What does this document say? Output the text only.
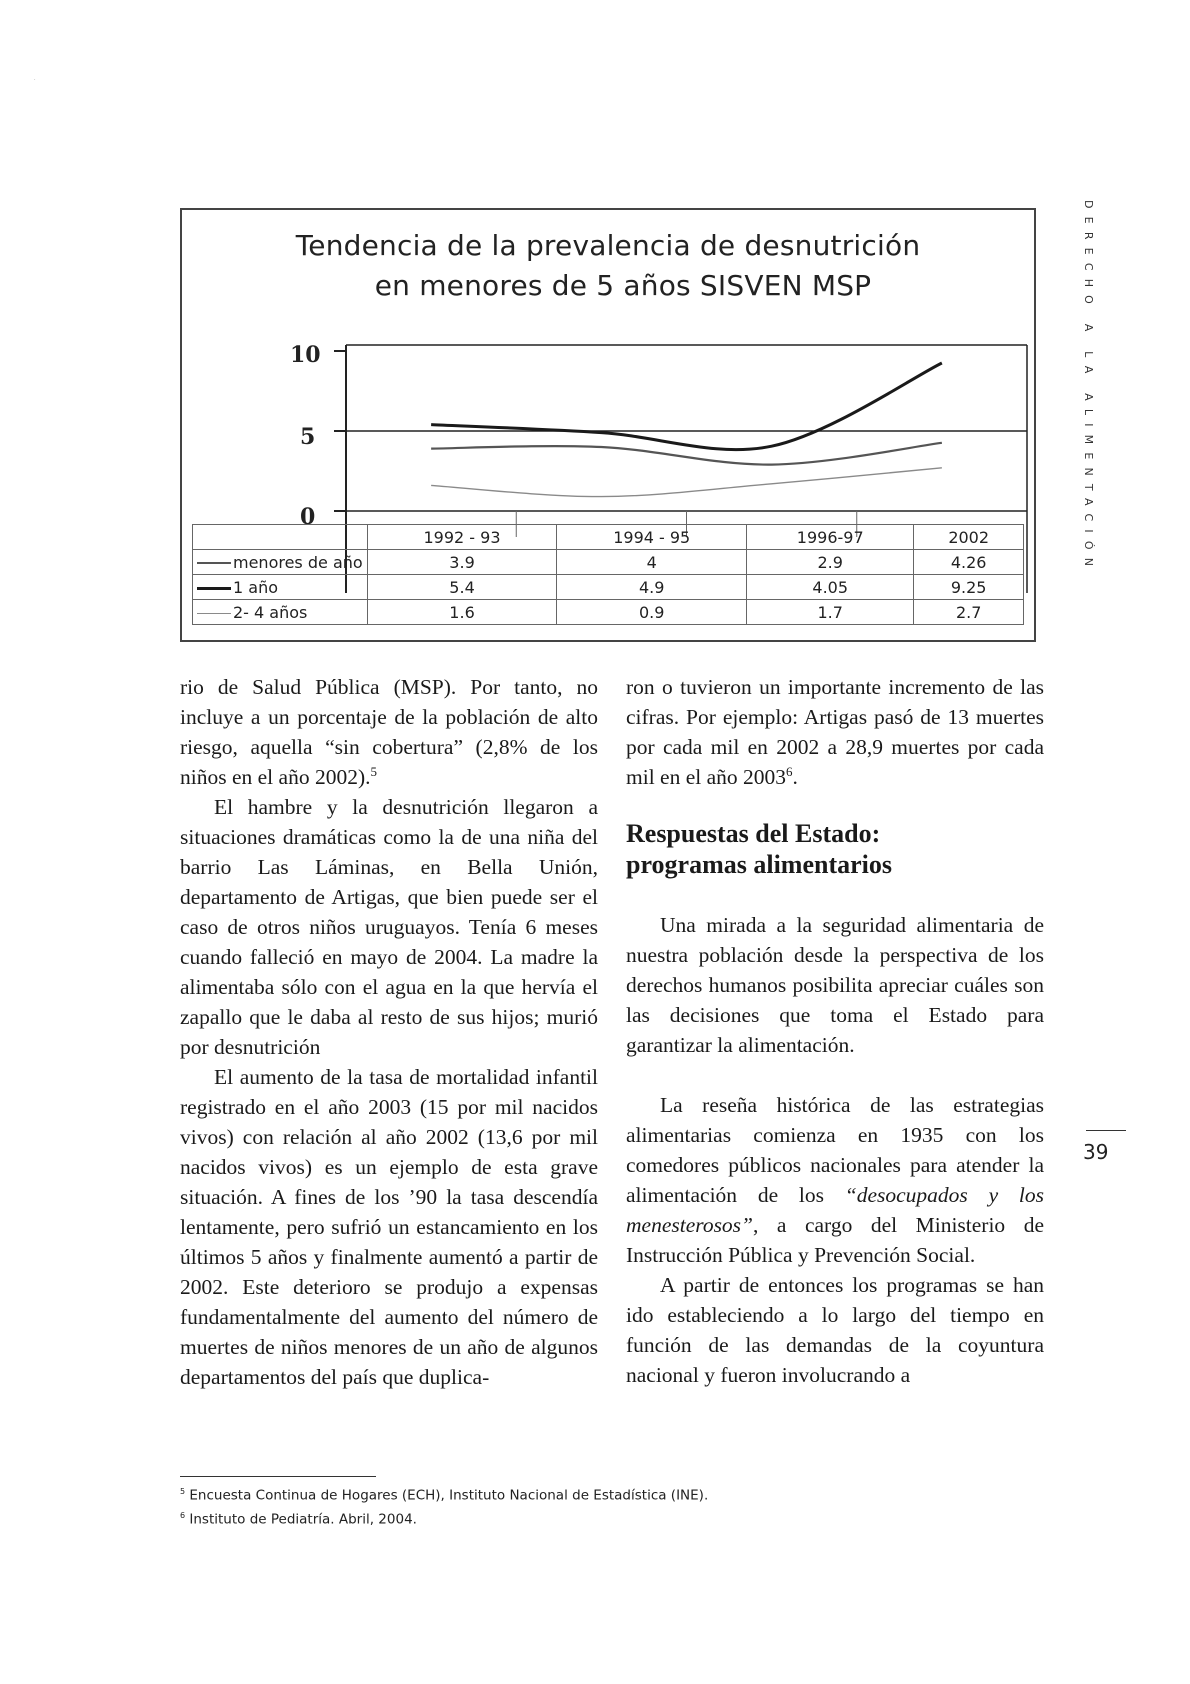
.
Tendencia de la prevalencia de desnutrición
en menores de 5 años SISVEN MSP
10
5
0
	1992 - 93	1994 - 95	1996-97	2002
menores de año	3.9	4	2.9	4.26
1 año	5.4	4.9	4.05	9.25
2- 4 años	1.6	0.9	1.7	2.7

rio de Salud Pública (MSP). Por tanto, no incluye a un porcentaje de la población de alto riesgo, aquella “sin cobertura” (2,8% de los niños en el año 2002).$^5$

El hambre y la desnutrición llegaron a situaciones dramáticas como la de una niña del barrio Las Láminas, en Bella Unión, departamento de Artigas, que bien puede ser el caso de otros niños uruguayos. Tenía 6 meses cuando falleció en mayo de 2004. La madre la alimentaba sólo con el agua en la que hervía el zapallo que le daba al resto de sus hijos; murió por desnutrición

El aumento de la tasa de mortalidad infantil registrado en el año 2003 (15 por mil nacidos vivos) con relación al año 2002 (13,6 por mil nacidos vivos) es un ejemplo de esta grave situación. A fines de los ’90 la tasa descendía lentamente, pero sufrió un estancamiento en los últimos 5 años y finalmente aumentó a partir de 2002. Este deterioro se produjo a expensas fundamentalmente del aumento del número de muertes de niños menores de un año de algunos departamentos del país que duplica-

ron o tuvieron un importante incremento de las cifras. Por ejemplo: Artigas pasó de 13 muertes por cada mil en 2002 a 28,9 muertes por cada mil en el año 2003$^6$.

Respuestas del Estado:
programas alimentarios

Una mirada a la seguridad alimentaria de nuestra población desde la perspectiva de los derechos humanos posibilita apreciar cuáles son las decisiones que toma el Estado para garantizar la alimentación.

La reseña histórica de las estrategias alimentarias comienza en 1935 con los comedores públicos nacionales para atender la alimentación de los “desocupados y los menesterosos”, a cargo del Ministerio de Instrucción Pública y Prevención Social.

A partir de entonces los programas se han ido estableciendo a lo largo del tiempo en función de las demandas de la coyuntura nacional y fueron involucrando a

DERECHO A LA ALIMENTACIÓN
39
$^5$ Encuesta Continua de Hogares (ECH), Instituto Nacional de Estadística (INE).
$^6$ Instituto de Pediatría. Abril, 2004.
